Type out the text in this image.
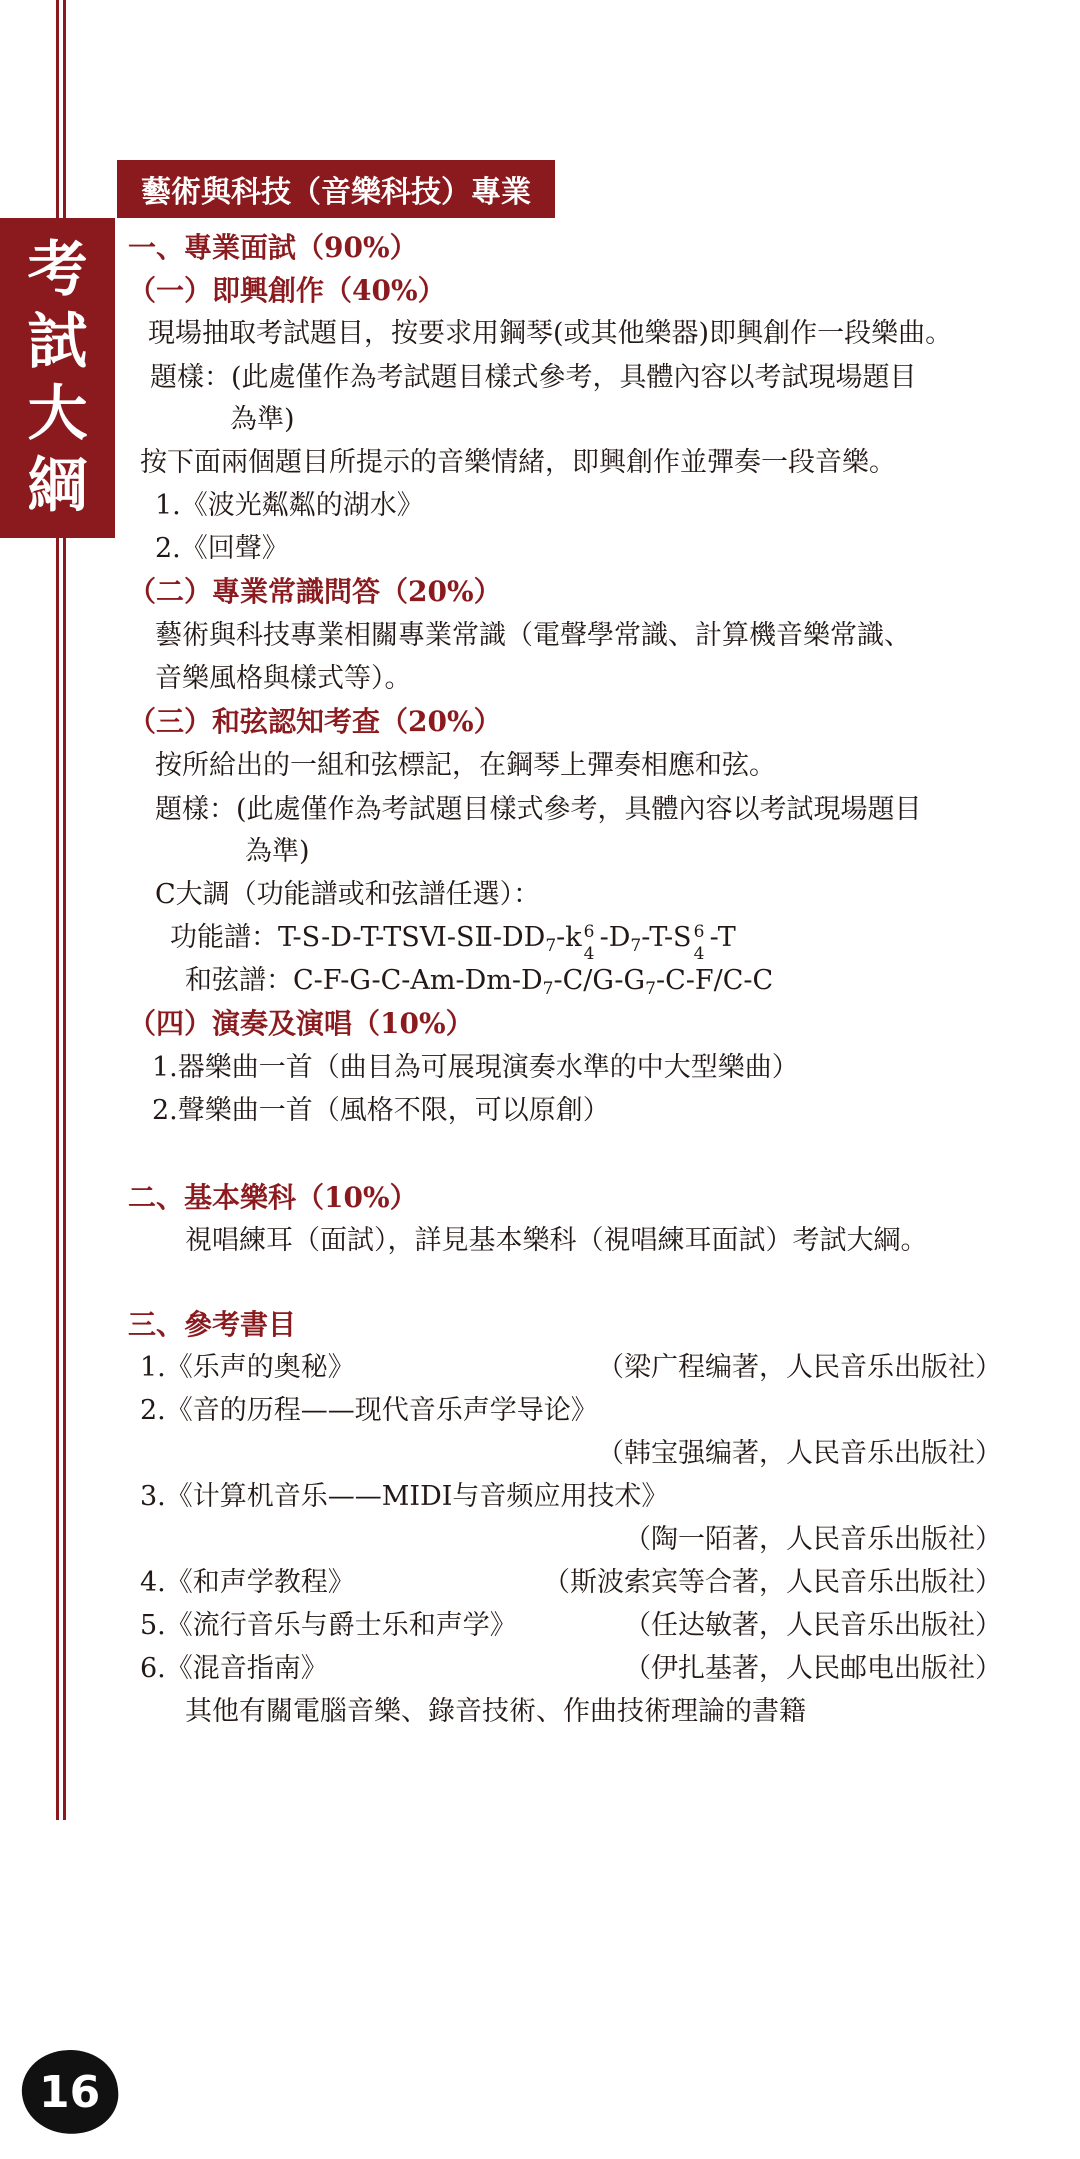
考
試
大
綱
藝術與科技（音樂科技）專業
一、專業面試（90%）
（一）即興創作（40%）
現場抽取考試題目，按要求用鋼琴(或其他樂器)即興創作一段樂曲。
題樣：(此處僅作為考試題目樣式參考，具體內容以考試現場題目
為準)
按下面兩個題目所提示的音樂情緒，即興創作並彈奏一段音樂。
1.《波光粼粼的湖水》
2.《回聲》
（二）專業常識問答（20%）
藝術與科技專業相關專業常識（電聲學常識、計算機音樂常識、
音樂風格與樣式等）。
（三）和弦認知考查（20%）
按所給出的一組和弦標記，在鋼琴上彈奏相應和弦。
題樣：(此處僅作為考試題目樣式參考，具體內容以考試現場題目
為準)
C大調（功能譜或和弦譜任選）：
功能譜：$T-S-D-T-TSⅥ-SⅡ-DD_7-k$ 6
4
$-D_7-T-S$ 6
4
-T
和弦譜：$C-F-G-C-Am-Dm-D_7-C/G-G_7-C-F/C-C$
（四）演奏及演唱（10%）
1.器樂曲一首（曲目為可展現演奏水準的中大型樂曲）
2.聲樂曲一首（風格不限，可以原創）
二、基本樂科（10%）
視唱練耳（面試），詳見基本樂科（視唱練耳面試）考試大綱。
三、參考書目
1.《乐声的奥秘》	（梁广程编著，人民音乐出版社）
2.《音的历程——现代音乐声学导论》
（韩宝强编著，人民音乐出版社）
3.《计算机音乐——MIDI与音频应用技术》
（陶一陌著，人民音乐出版社）
4.《和声学教程》	（斯波索宾等合著，人民音乐出版社）
5.《流行音乐与爵士乐和声学》	（任达敏著，人民音乐出版社）
6.《混音指南》	（伊扎基著，人民邮电出版社）
其他有關電腦音樂、錄音技術、作曲技術理論的書籍
16
